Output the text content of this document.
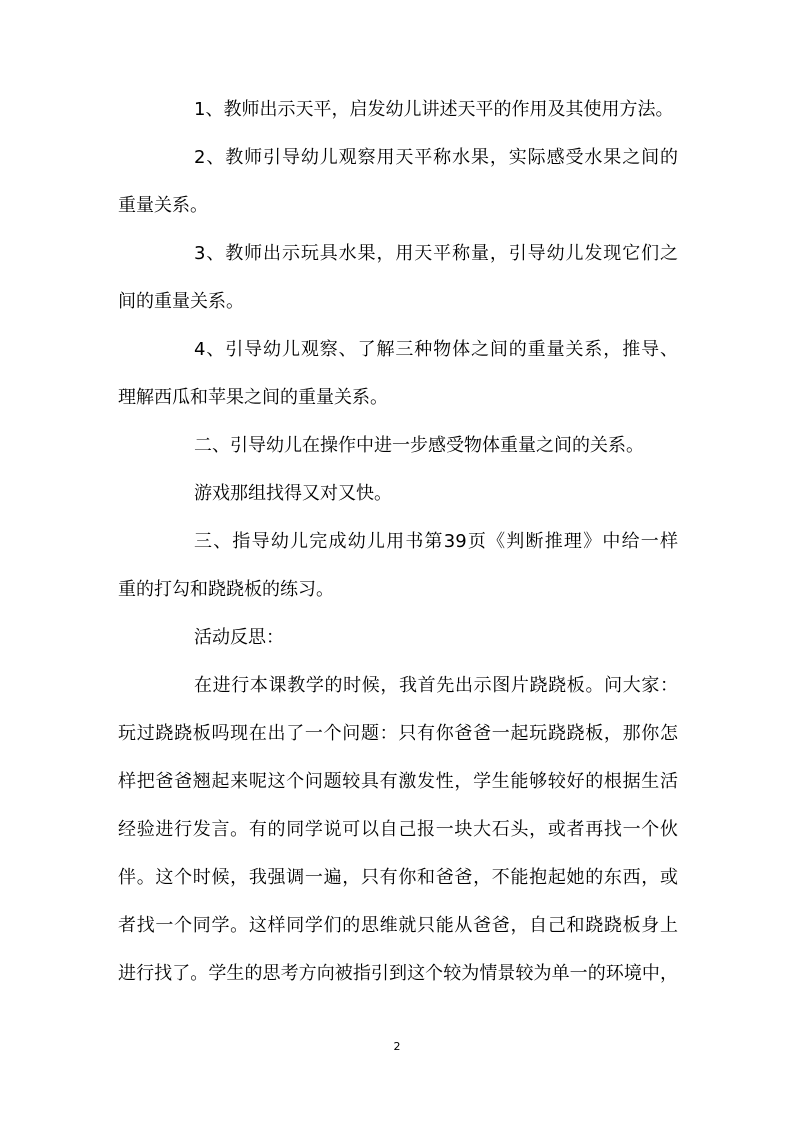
1、教师出示天平，启发幼儿讲述天平的作用及其使用方法。
2、教师引导幼儿观察用天平称水果，实际感受水果之间的
重量关系。
3、教师出示玩具水果，用天平称量，引导幼儿发现它们之
间的重量关系。
4、引导幼儿观察、了解三种物体之间的重量关系，推导、
理解西瓜和苹果之间的重量关系。
二、引导幼儿在操作中进一步感受物体重量之间的关系。
游戏那组找得又对又快。
三、指导幼儿完成幼儿用书第39页《判断推理》中给一样
重的打勾和跷跷板的练习。
活动反思：
在进行本课教学的时候，我首先出示图片跷跷板。问大家：
玩过跷跷板吗现在出了一个问题：只有你爸爸一起玩跷跷板，那你怎
样把爸爸翘起来呢这个问题较具有激发性，学生能够较好的根据生活
经验进行发言。有的同学说可以自己报一块大石头，或者再找一个伙
伴。这个时候，我强调一遍，只有你和爸爸，不能抱起她的东西，或
者找一个同学。这样同学们的思维就只能从爸爸，自己和跷跷板身上
进行找了。学生的思考方向被指引到这个较为情景较为单一的环境中，
2
